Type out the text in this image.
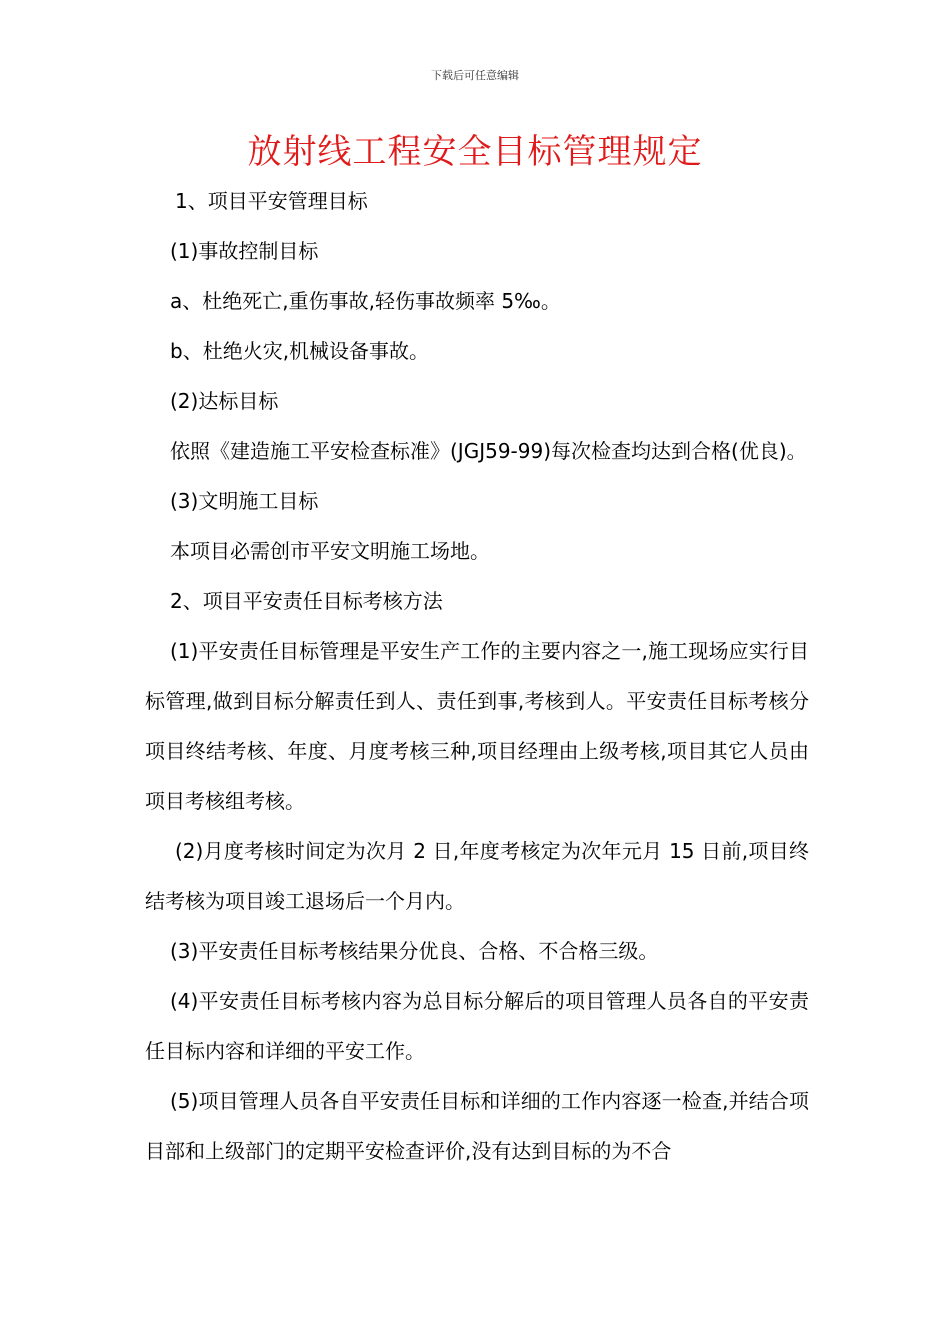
下载后可任意编辑
放射线工程安全目标管理规定

1、项目平安管理目标

(1)事故控制目标

a、杜绝死亡,重伤事故,轻伤事故频率 5‰。

b、杜绝火灾,机械设备事故。

(2)达标目标

依照《建造施工平安检查标准》(JGJ59-99)每次检查均达到合格(优良)。

(3)文明施工目标

本项目必需创市平安文明施工场地。

2、项目平安责任目标考核方法

(1)平安责任目标管理是平安生产工作的主要内容之一,施工现场应实行目标管理,做到目标分解责任到人、责任到事,考核到人。平安责任目标考核分项目终结考核、年度、月度考核三种,项目经理由上级考核,项目其它人员由项目考核组考核。

(2)月度考核时间定为次月 2 日,年度考核定为次年元月 15 日前,项目终结考核为项目竣工退场后一个月内。

(3)平安责任目标考核结果分优良、合格、不合格三级。

(4)平安责任目标考核内容为总目标分解后的项目管理人员各自的平安责任目标内容和详细的平安工作。

(5)项目管理人员各自平安责任目标和详细的工作内容逐一检查,并结合项目部和上级部门的定期平安检查评价,没有达到目标的为不合
